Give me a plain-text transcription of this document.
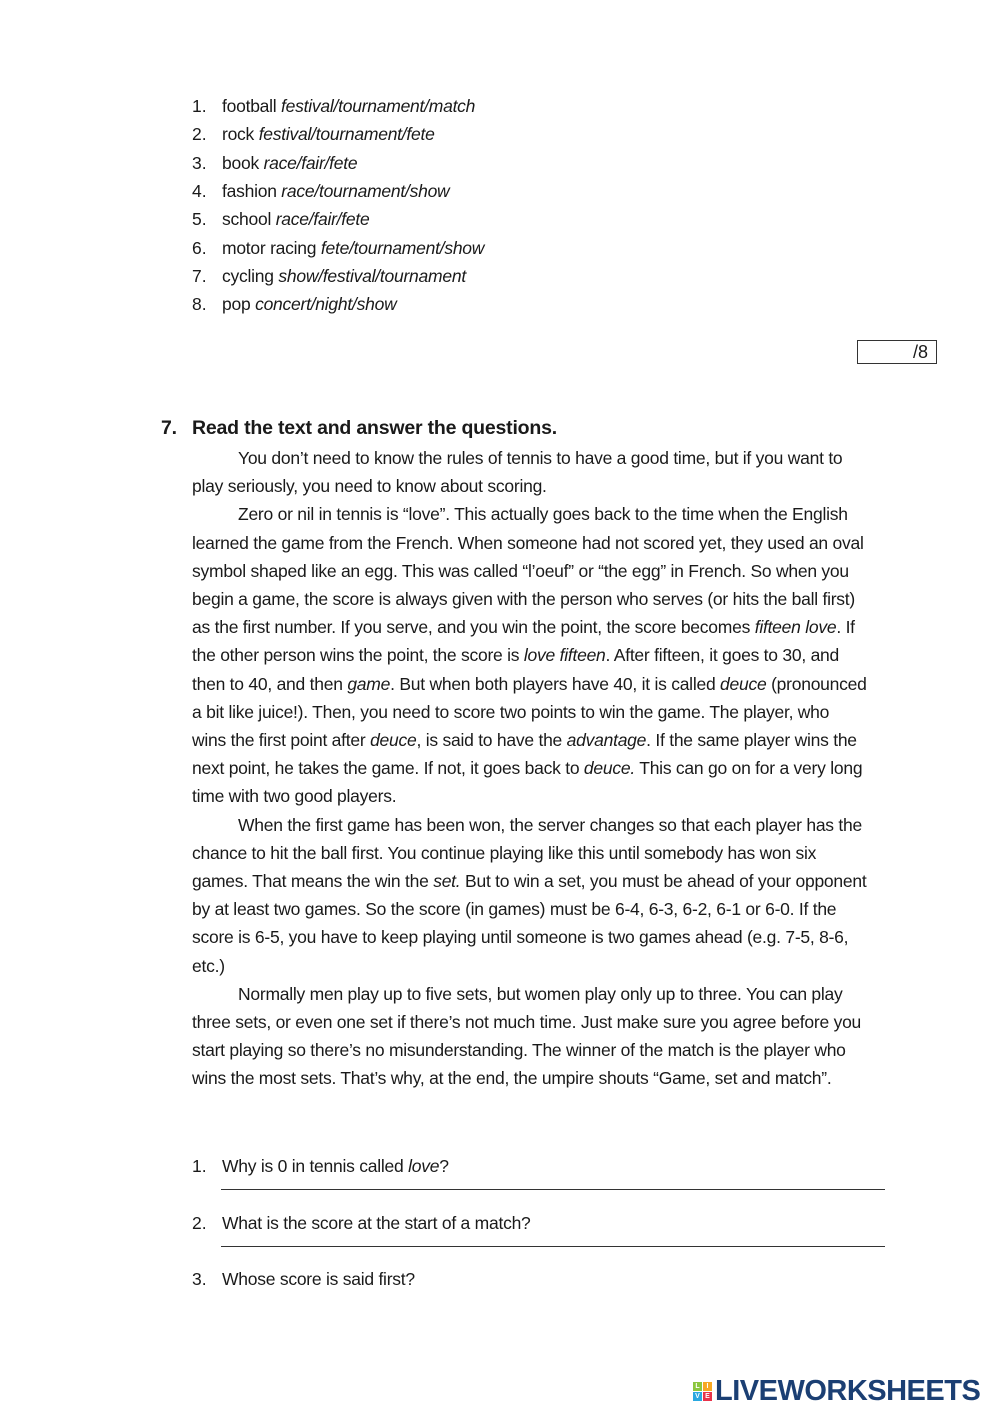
1. football festival/tournament/match
2. rock festival/tournament/fete
3. book race/fair/fete
4. fashion race/tournament/show
5. school race/fair/fete
6. motor racing fete/tournament/show
7. cycling show/festival/tournament
8. pop concert/night/show
/8
7. Read the text and answer the questions.
You don’t need to know the rules of tennis to have a good time, but if you want to
play seriously, you need to know about scoring.
Zero or nil in tennis is “love”. This actually goes back to the time when the English
learned the game from the French. When someone had not scored yet, they used an oval
symbol shaped like an egg. This was called “l’oeuf” or “the egg” in French. So when you
begin a game, the score is always given with the person who serves (or hits the ball first)
as the first number. If you serve, and you win the point, the score becomes fifteen love. If
the other person wins the point, the score is love fifteen. After fifteen, it goes to 30, and
then to 40, and then game. But when both players have 40, it is called deuce (pronounced
a bit like juice!). Then, you need to score two points to win the game. The player, who
wins the first point after deuce, is said to have the advantage. If the same player wins the
next point, he takes the game. If not, it goes back to deuce. This can go on for a very long
time with two good players.
When the first game has been won, the server changes so that each player has the
chance to hit the ball first. You continue playing like this until somebody has won six
games. That means the win the set. But to win a set, you must be ahead of your opponent
by at least two games. So the score (in games) must be 6-4, 6-3, 6-2, 6-1 or 6-0. If the
score is 6-5, you have to keep playing until someone is two games ahead (e.g. 7-5, 8-6,
etc.)
Normally men play up to five sets, but women play only up to three. You can play
three sets, or even one set if there’s not much time. Just make sure you agree before you
start playing so there’s no misunderstanding. The winner of the match is the player who
wins the most sets. That’s why, at the end, the umpire shouts “Game, set and match”.
1. Why is 0 in tennis called love?
2. What is the score at the start of a match?
3. Whose score is said first?
L I
V E LIVEWORKSHEETS
